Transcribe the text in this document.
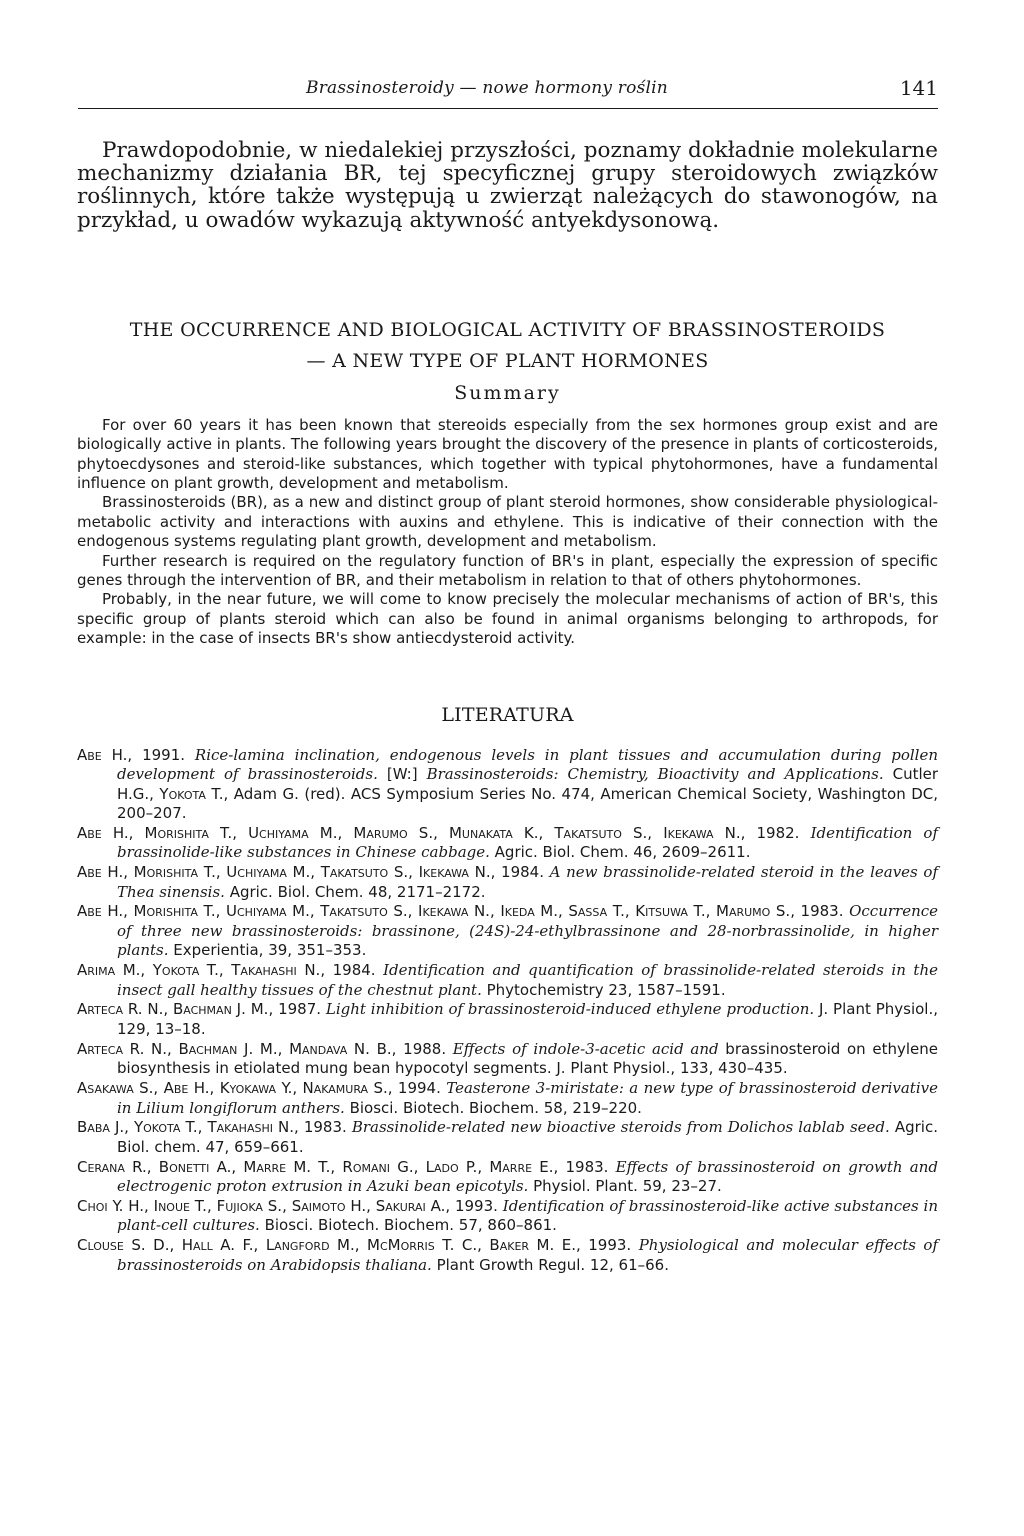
Brassinosteroidy — nowe hormony roślin	141

Prawdopodobnie, w niedalekiej przyszłości, poznamy dokładnie molekularne mechanizmy działania BR, tej specyficznej grupy steroidowych związków roślinnych, które także występują u zwierząt należących do stawonogów, na przykład, u owadów wykazują aktywność antyekdysonową.

THE OCCURRENCE AND BIOLOGICAL ACTIVITY OF BRASSINOSTEROIDS
— A NEW TYPE OF PLANT HORMONES
Summary

For over 60 years it has been known that stereoids especially from the sex hormones group exist and are biologically active in plants. The following years brought the discovery of the presence in plants of corticosteroids, phytoecdysones and steroid-like substances, which together with typical phytohormones, have a fundamental influence on plant growth, development and metabolism.

Brassinosteroids (BR), as a new and distinct group of plant steroid hormones, show considerable physiological-metabolic activity and interactions with auxins and ethylene. This is indicative of their connection with the endogenous systems regulating plant growth, development and metabolism.

Further research is required on the regulatory function of BR's in plant, especially the expression of specific genes through the intervention of BR, and their metabolism in relation to that of others phytohormones.

Probably, in the near future, we will come to know precisely the molecular mechanisms of action of BR's, this specific group of plants steroid which can also be found in animal organisms belonging to arthropods, for example: in the case of insects BR's show antiecdysteroid activity.

LITERATURA

Abe H., 1991. Rice-lamina inclination, endogenous levels in plant tissues and accumulation during pollen development of brassinosteroids. [W:] Brassinosteroids: Chemistry, Bioactivity and Applications. Cutler H.G., Yokota T., Adam G. (red). ACS Symposium Series No. 474, American Chemical Society, Washington DC, 200–207.

Abe H., Morishita T., Uchiyama M., Marumo S., Munakata K., Takatsuto S., Ikekawa N., 1982. Identification of brassinolide-like substances in Chinese cabbage. Agric. Biol. Chem. 46, 2609–2611.

Abe H., Morishita T., Uchiyama M., Takatsuto S., Ikekawa N., 1984. A new brassinolide-related steroid in the leaves of Thea sinensis. Agric. Biol. Chem. 48, 2171–2172.

Abe H., Morishita T., Uchiyama M., Takatsuto S., Ikekawa N., Ikeda M., Sassa T., Kitsuwa T., Marumo S., 1983. Occurrence of three new brassinosteroids: brassinone, (24S)-24-ethylbrassinone and 28-norbrassinolide, in higher plants. Experientia, 39, 351–353.

Arima M., Yokota T., Takahashi N., 1984. Identification and quantification of brassinolide-related steroids in the insect gall healthy tissues of the chestnut plant. Phytochemistry 23, 1587–1591.

Arteca R. N., Bachman J. M., 1987. Light inhibition of brassinosteroid-induced ethylene production. J. Plant Physiol., 129, 13–18.

Arteca R. N., Bachman J. M., Mandava N. B., 1988. Effects of indole-3-acetic acid and brassinosteroid on ethylene biosynthesis in etiolated mung bean hypocotyl segments. J. Plant Physiol., 133, 430–435.

Asakawa S., Abe H., Kyokawa Y., Nakamura S., 1994. Teasterone 3-miristate: a new type of brassinosteroid derivative in Lilium longiflorum anthers. Biosci. Biotech. Biochem. 58, 219–220.

Baba J., Yokota T., Takahashi N., 1983. Brassinolide-related new bioactive steroids from Dolichos lablab seed. Agric. Biol. chem. 47, 659–661.

Cerana R., Bonetti A., Marre M. T., Romani G., Lado P., Marre E., 1983. Effects of brassinosteroid on growth and electrogenic proton extrusion in Azuki bean epicotyls. Physiol. Plant. 59, 23–27.

Choi Y. H., Inoue T., Fujioka S., Saimoto H., Sakurai A., 1993. Identification of brassinosteroid-like active substances in plant-cell cultures. Biosci. Biotech. Biochem. 57, 860–861.

Clouse S. D., Hall A. F., Langford M., McMorris T. C., Baker M. E., 1993. Physiological and molecular effects of brassinosteroids on Arabidopsis thaliana. Plant Growth Regul. 12, 61–66.
